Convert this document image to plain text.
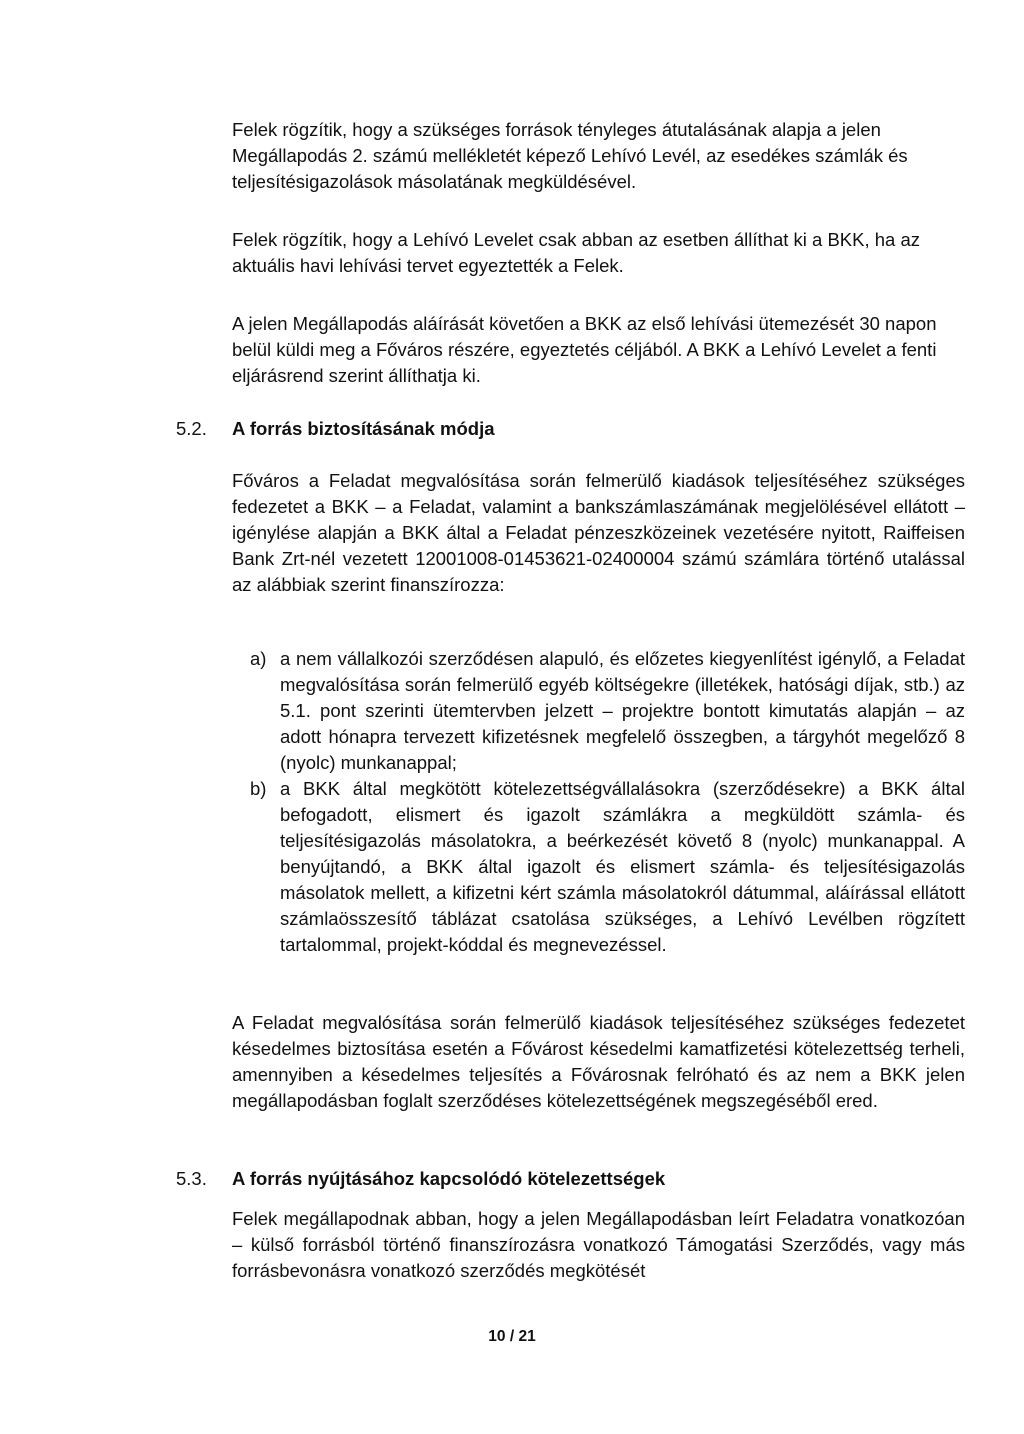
Felek rögzítik, hogy a szükséges források tényleges átutalásának alapja a jelen Megállapodás 2. számú mellékletét képező Lehívó Levél, az esedékes számlák és teljesítésigazolások másolatának megküldésével.

Felek rögzítik, hogy a Lehívó Levelet csak abban az esetben állíthat ki a BKK, ha az aktuális havi lehívási tervet egyeztették a Felek.

A jelen Megállapodás aláírását követően a BKK az első lehívási ütemezését 30 napon belül küldi meg a Főváros részére, egyeztetés céljából. A BKK a Lehívó Levelet a fenti eljárásrend szerint állíthatja ki.

5.2. A forrás biztosításának módja

Főváros a Feladat megvalósítása során felmerülő kiadások teljesítéséhez szükséges fedezetet a BKK – a Feladat, valamint a bankszámlaszámának megjelölésével ellátott – igénylése alapján a BKK által a Feladat pénzeszközeinek vezetésére nyitott, Raiffeisen Bank Zrt-nél vezetett 12001008-01453621-02400004 számú számlára történő utalással az alábbiak szerint finanszírozza:

a) a nem vállalkozói szerződésen alapuló, és előzetes kiegyenlítést igénylő, a Feladat megvalósítása során felmerülő egyéb költségekre (illetékek, hatósági díjak, stb.) az 5.1. pont szerinti ütemtervben jelzett – projektre bontott kimutatás alapján – az adott hónapra tervezett kifizetésnek megfelelő összegben, a tárgyhót megelőző 8 (nyolc) munkanappal;
b) a BKK által megkötött kötelezettségvállalásokra (szerződésekre) a BKK által befogadott, elismert és igazolt számlákra a megküldött számla- és teljesítésigazolás másolatokra, a beérkezését követő 8 (nyolc) munkanappal. A benyújtandó, a BKK által igazolt és elismert számla- és teljesítésigazolás másolatok mellett, a kifizetni kért számla másolatokról dátummal, aláírással ellátott számlaösszesítő táblázat csatolása szükséges, a Lehívó Levélben rögzített tartalommal, projekt-kóddal és megnevezéssel.

A Feladat megvalósítása során felmerülő kiadások teljesítéséhez szükséges fedezetet késedelmes biztosítása esetén a Fővárost késedelmi kamatfizetési kötelezettség terheli, amennyiben a késedelmes teljesítés a Fővárosnak felróható és az nem a BKK jelen megállapodásban foglalt szerződéses kötelezettségének megszegéséből ered.

5.3. A forrás nyújtásához kapcsolódó kötelezettségek

Felek megállapodnak abban, hogy a jelen Megállapodásban leírt Feladatra vonatkozóan – külső forrásból történő finanszírozásra vonatkozó Támogatási Szerződés, vagy más forrásbevonásra vonatkozó szerződés megkötését

10 / 21
